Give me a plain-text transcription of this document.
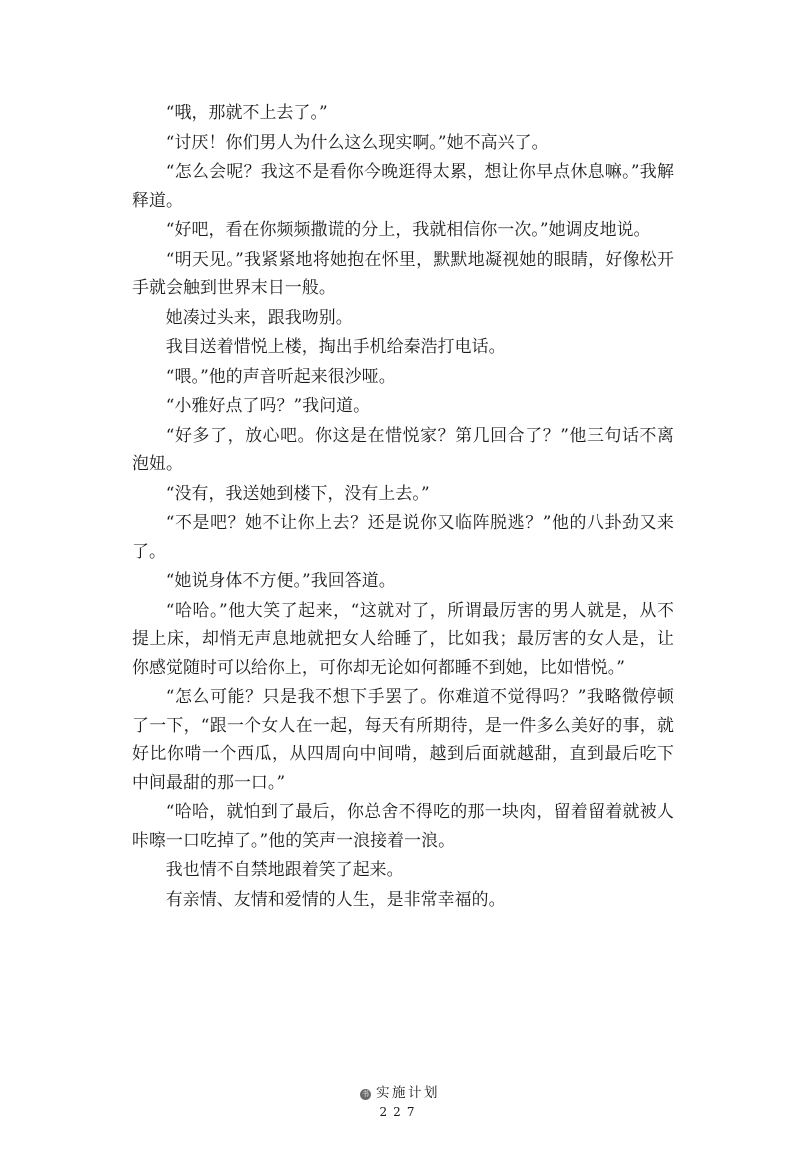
“哦，那就不上去了。”

“讨厌！你们男人为什么这么现实啊。”她不高兴了。

“怎么会呢？我这不是看你今晚逛得太累，想让你早点休息嘛。”我解释道。

“好吧，看在你频频撒谎的分上，我就相信你一次。”她调皮地说。

“明天见。”我紧紧地将她抱在怀里，默默地凝视她的眼睛，好像松开手就会触到世界末日一般。

她凑过头来，跟我吻别。

我目送着惜悦上楼，掏出手机给秦浩打电话。

“喂。”他的声音听起来很沙哑。

“小雅好点了吗？”我问道。

“好多了，放心吧。你这是在惜悦家？第几回合了？”他三句话不离泡妞。

“没有，我送她到楼下，没有上去。”

“不是吧？她不让你上去？还是说你又临阵脱逃？”他的八卦劲又来了。

“她说身体不方便。”我回答道。

“哈哈。”他大笑了起来，“这就对了，所谓最厉害的男人就是，从不提上床，却悄无声息地就把女人给睡了，比如我；最厉害的女人是，让你感觉随时可以给你上，可你却无论如何都睡不到她，比如惜悦。”

“怎么可能？只是我不想下手罢了。你难道不觉得吗？”我略微停顿了一下，“跟一个女人在一起，每天有所期待，是一件多么美好的事，就好比你啃一个西瓜，从四周向中间啃，越到后面就越甜，直到最后吃下中间最甜的那一口。”

“哈哈，就怕到了最后，你总舍不得吃的那一块肉，留着留着就被人咔嚓一口吃掉了。”他的笑声一浪接着一浪。

我也情不自禁地跟着笑了起来。

有亲情、友情和爱情的人生，是非常幸福的。

书 实施计划
227
